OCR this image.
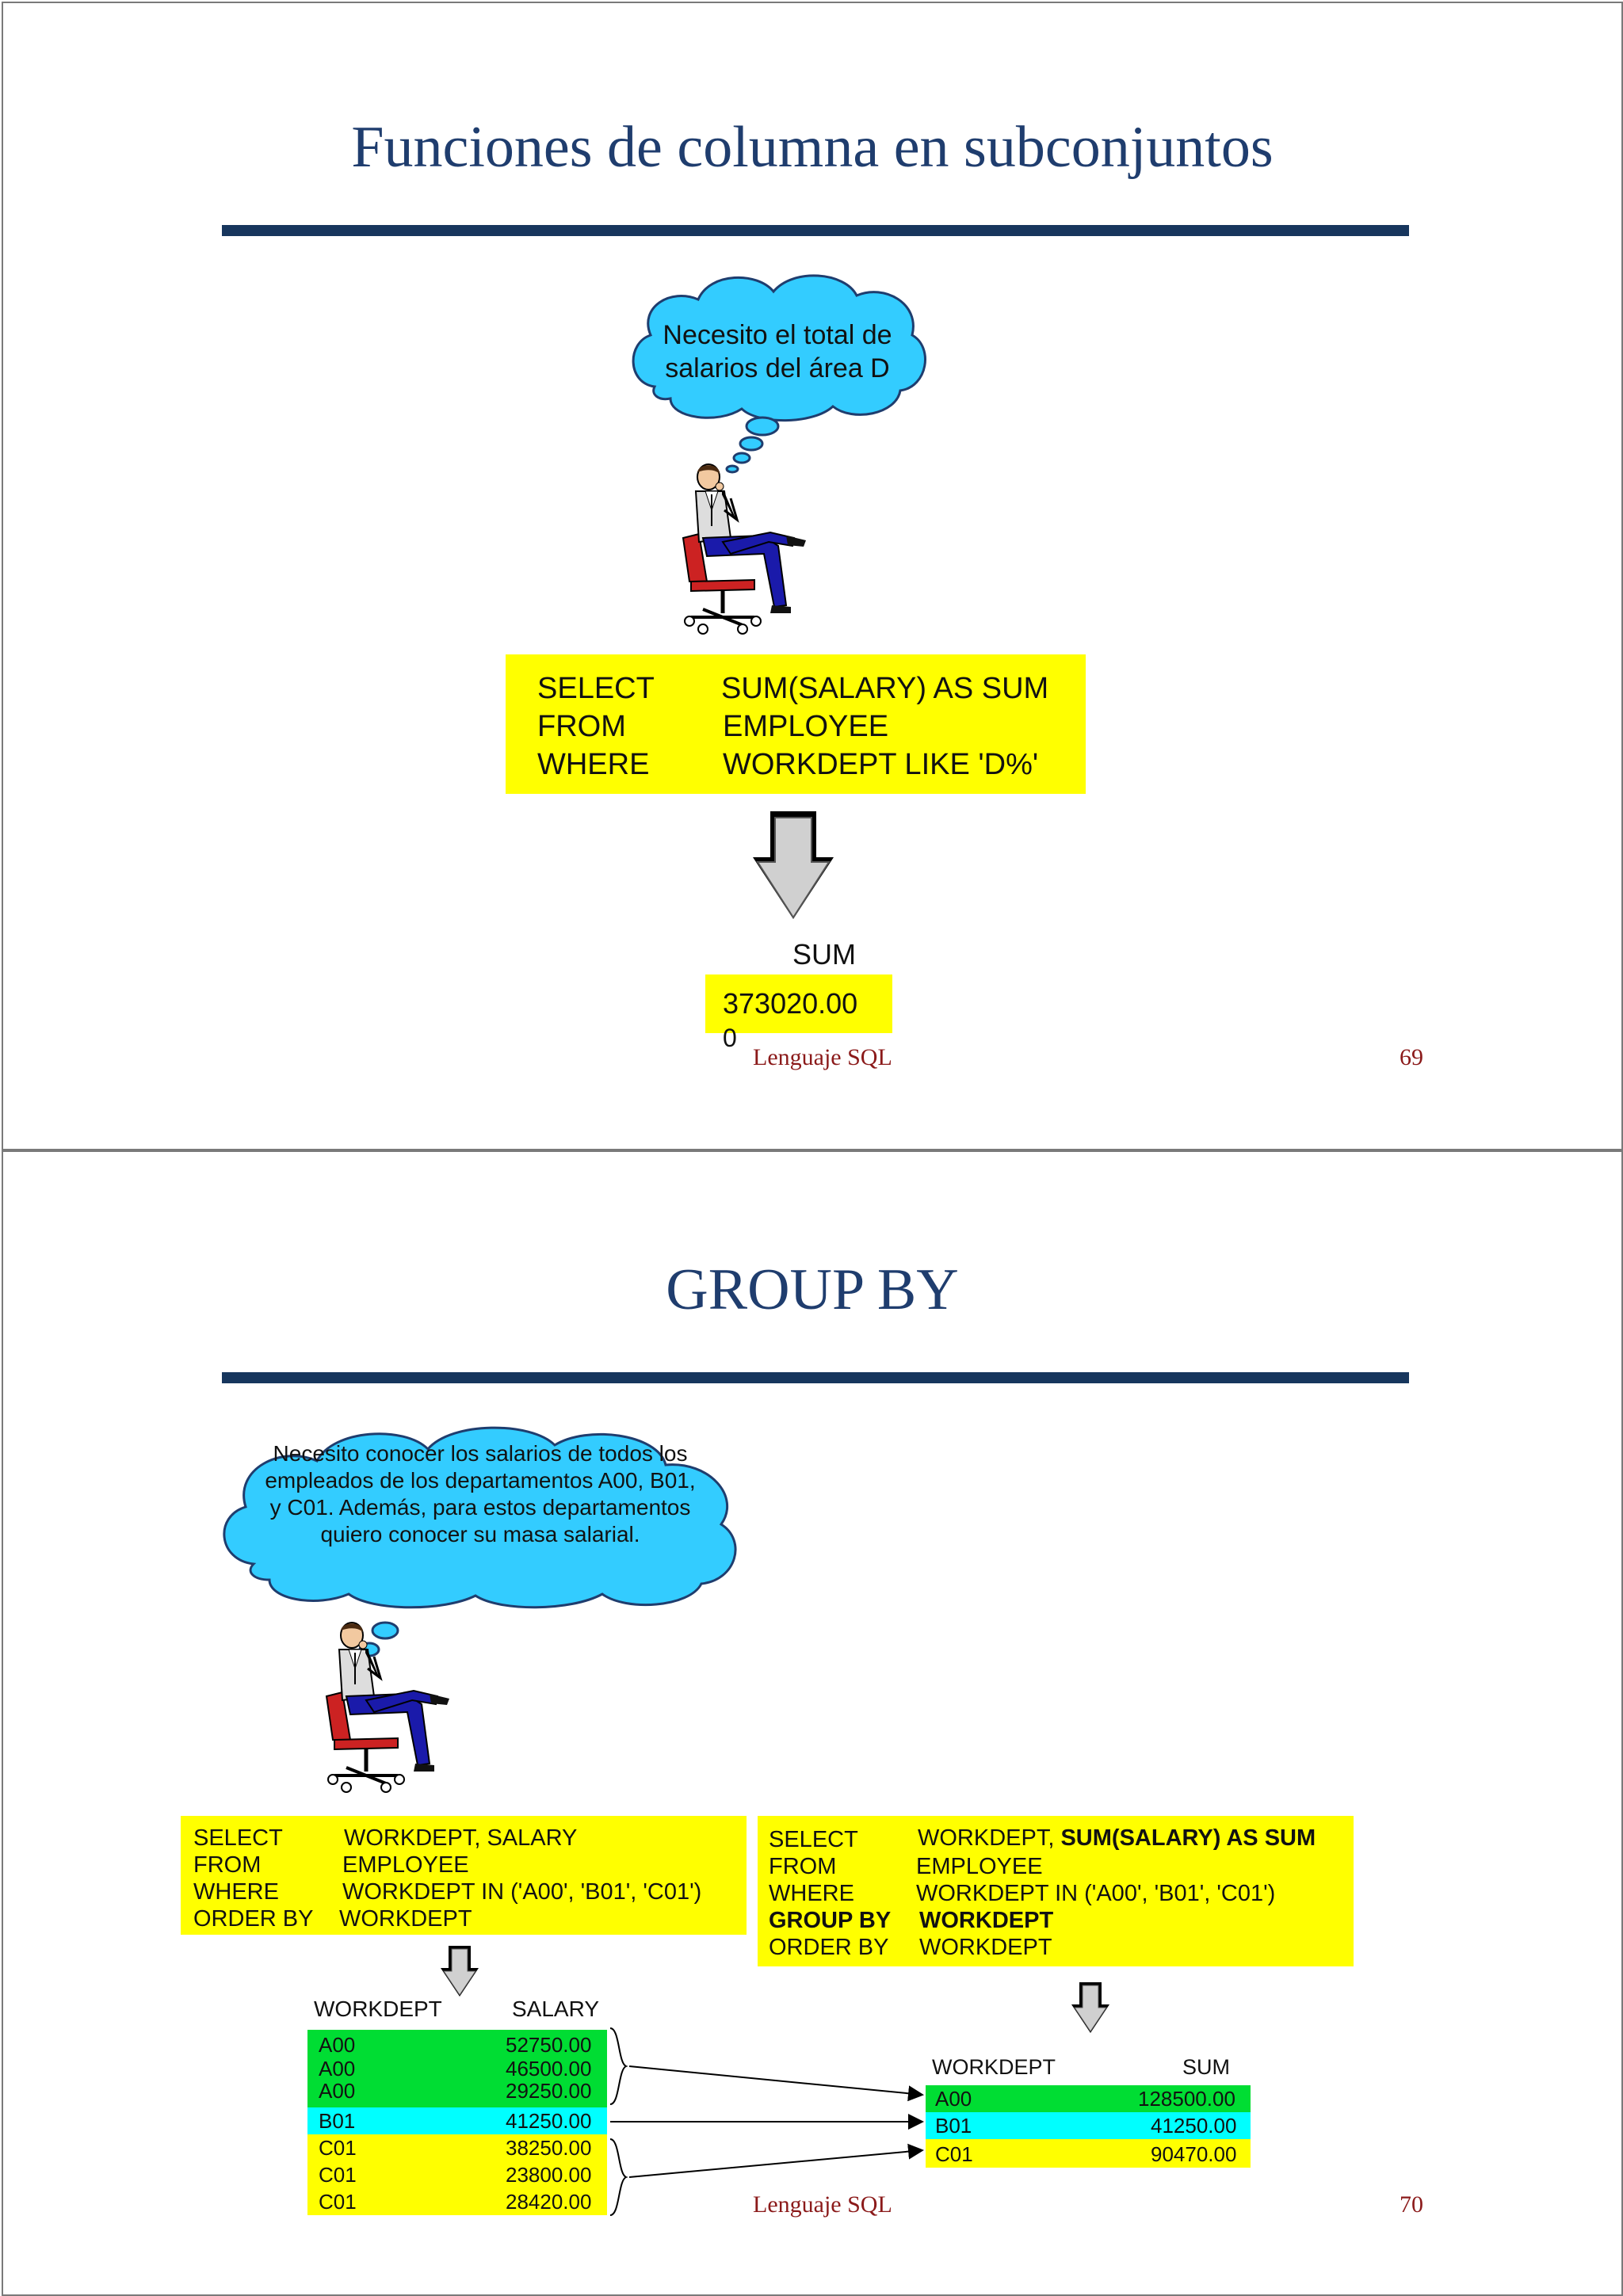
Funciones de columna en subconjuntos
Necesito el total de
salarios del área D
SELECT SUM(SALARY) AS SUM
FROM	EMPLOYEE
WHERE WORKDEPT LIKE 'D%'
SUM
373020.00
0
Lenguaje SQL	69
GROUP BY
Necesito conocer los salarios de todos los
empleados de los departamentos A00, B01,
y C01. Además, para estos departamentos
quiero conocer su masa salarial.
SELECT	WORKDEPT, SALARY
FROM	EMPLOYEE
WHERE	WORKDEPT IN ('A00', 'B01', 'C01')
ORDER BY WORKDEPT
SELECT	WORKDEPT, SUM(SALARY) AS SUM
FROM	EMPLOYEE
WHERE	WORKDEPT IN ('A00', 'B01', 'C01')
GROUP BY WORKDEPT
ORDER BY WORKDEPT
WORKDEPT	SALARY
A00	52750.00
A00	46500.00
A00	29250.00
B01	41250.00
C01	38250.00
C01	23800.00
C01	28420.00
WORKDEPT	SUM
A00	128500.00
B01	41250.00
C01	90470.00
Lenguaje SQL	70
